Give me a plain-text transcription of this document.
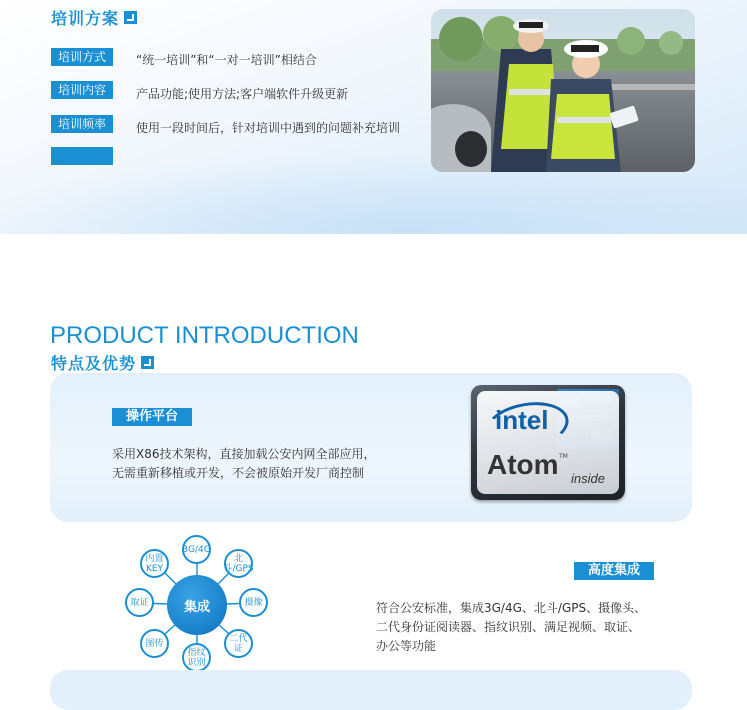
培训方案
培训方式	“统一培训”和“一对一培训”相结合
培训内容	产品功能;使用方法;客户端软件升级更新
培训频率	使用一段时间后，针对培训中遇到的问题补充培训
PRODUCT INTRODUCTION
特点及优势
操作平台
采用X86技术架构，直接加载公安内网全部应用，
无需重新移植或开发，不会被原始开发厂商控制
intel
Atom TM
inside
集成
3G/4G
北斗/GPS
摄像
二代证
指纹识别
图传
取证
内置KEY	高度集成
符合公安标准，集成3G/4G、北斗/GPS、摄像头、
二代身份证阅读器、指纹识别、满足视频、取证、
办公等功能
